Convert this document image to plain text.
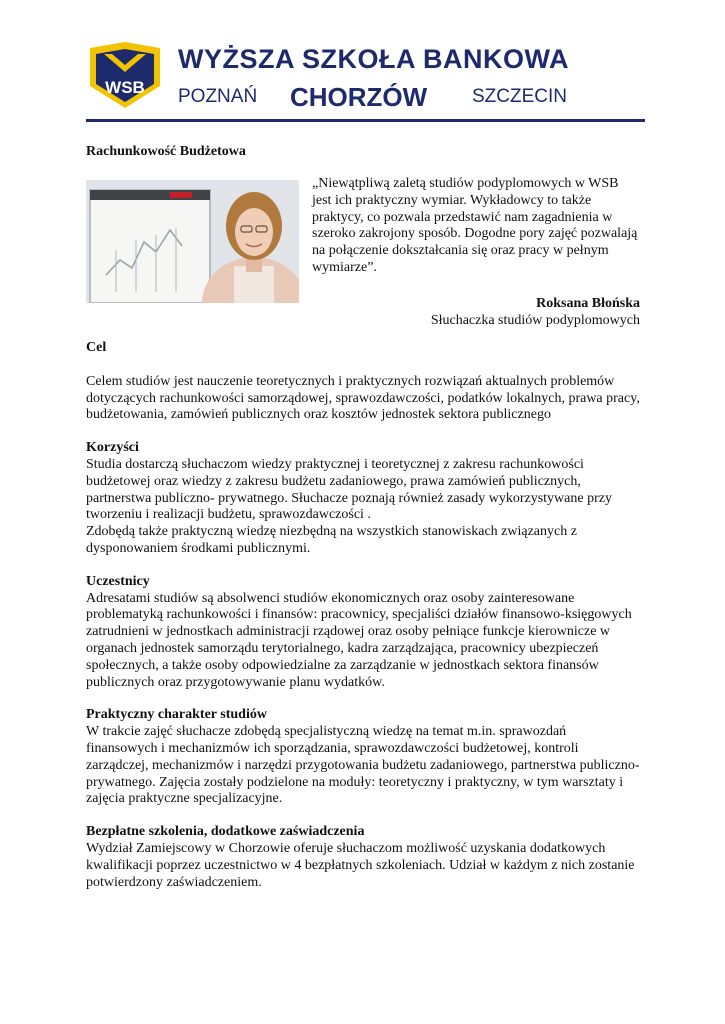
WSB
WYŻSZA SZKOŁA BANKOWA
POZNAŃ CHORZÓW SZCZECIN

Rachunkowość Budżetowa

„Niewątpliwą zaletą studiów podyplomowych w WSB jest ich praktyczny wymiar. Wykładowcy to także praktycy, co pozwala przedstawić nam zagadnienia w szeroko zakrojony sposób. Dogodne pory zajęć pozwalają na połączenie dokształcania się oraz pracy w pełnym wymiarze”.

Roksana Błońska
Słuchaczka studiów podyplomowych

Cel

Celem studiów jest nauczenie teoretycznych i praktycznych rozwiązań aktualnych problemów dotyczących rachunkowości samorządowej, sprawozdawczości, podatków lokalnych, prawa pracy, budżetowania, zamówień publicznych oraz kosztów jednostek sektora publicznego

Korzyści

Studia dostarczą słuchaczom wiedzy praktycznej i teoretycznej z zakresu rachunkowości budżetowej oraz wiedzy z zakresu budżetu zadaniowego, prawa zamówień publicznych, partnerstwa publiczno- prywatnego. Słuchacze poznają również zasady wykorzystywane przy tworzeniu i realizacji budżetu, sprawozdawczości .

Zdobędą także praktyczną wiedzę niezbędną na wszystkich stanowiskach związanych z dysponowaniem środkami publicznymi.

Uczestnicy

Adresatami studiów są absolwenci studiów ekonomicznych oraz osoby zainteresowane problematyką rachunkowości i finansów: pracownicy, specjaliści działów finansowo-księgowych zatrudnieni w jednostkach administracji rządowej oraz osoby pełniące funkcje kierownicze w organach jednostek samorządu terytorialnego, kadra zarządzająca, pracownicy ubezpieczeń społecznych, a także osoby odpowiedzialne za zarządzanie w jednostkach sektora finansów publicznych oraz przygotowywanie planu wydatków.

Praktyczny charakter studiów

W trakcie zajęć słuchacze zdobędą specjalistyczną wiedzę na temat m.in. sprawozdań finansowych i mechanizmów ich sporządzania, sprawozdawczości budżetowej, kontroli zarządczej, mechanizmów i narzędzi przygotowania budżetu zadaniowego, partnerstwa publiczno-prywatnego. Zajęcia zostały podzielone na moduły: teoretyczny i praktyczny, w tym warsztaty i zajęcia praktyczne specjalizacyjne.

Bezpłatne szkolenia, dodatkowe zaświadczenia

Wydział Zamiejscowy w Chorzowie oferuje słuchaczom możliwość uzyskania dodatkowych kwalifikacji poprzez uczestnictwo w 4 bezpłatnych szkoleniach. Udział w każdym z nich zostanie potwierdzony zaświadczeniem.
